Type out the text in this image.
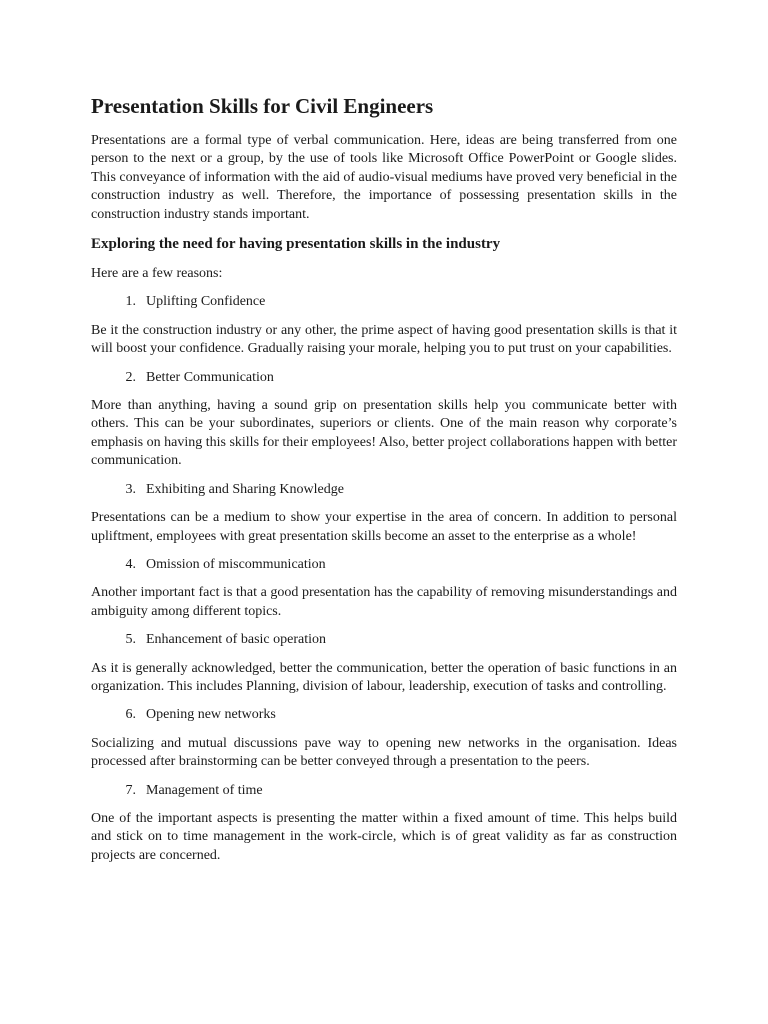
Presentation Skills for Civil Engineers

Presentations are a formal type of verbal communication. Here, ideas are being transferred from one person to the next or a group, by the use of tools like Microsoft Office PowerPoint or Google slides. This conveyance of information with the aid of audio-visual mediums have proved very beneficial in the construction industry as well. Therefore, the importance of possessing presentation skills in the construction industry stands important.

Exploring the need for having presentation skills in the industry

Here are a few reasons:

1. Uplifting Confidence

Be it the construction industry or any other, the prime aspect of having good presentation skills is that it will boost your confidence. Gradually raising your morale, helping you to put trust on your capabilities.

2. Better Communication

More than anything, having a sound grip on presentation skills help you communicate better with others. This can be your subordinates, superiors or clients. One of the main reason why corporate’s emphasis on having this skills for their employees! Also, better project collaborations happen with better communication.

3. Exhibiting and Sharing Knowledge

Presentations can be a medium to show your expertise in the area of concern. In addition to personal upliftment, employees with great presentation skills become an asset to the enterprise as a whole!

4. Omission of miscommunication

Another important fact is that a good presentation has the capability of removing misunderstandings and ambiguity among different topics.

5. Enhancement of basic operation

As it is generally acknowledged, better the communication, better the operation of basic functions in an organization. This includes Planning, division of labour, leadership, execution of tasks and controlling.

6. Opening new networks

Socializing and mutual discussions pave way to opening new networks in the organisation. Ideas processed after brainstorming can be better conveyed through a presentation to the peers.

7. Management of time

One of the important aspects is presenting the matter within a fixed amount of time. This helps build and stick on to time management in the work-circle, which is of great validity as far as construction projects are concerned.
